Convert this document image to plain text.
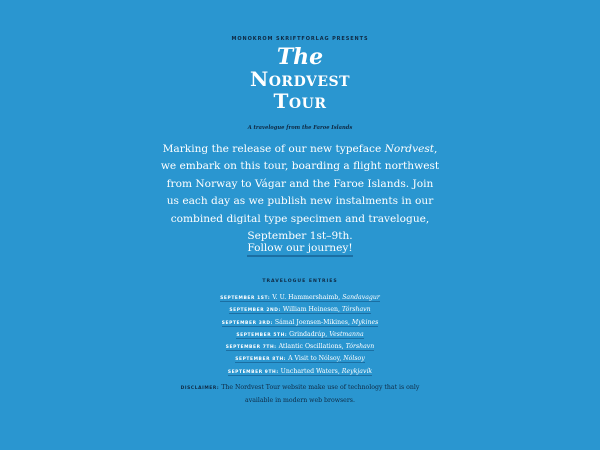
MONOKROM SKRIFTFORLAG PRESENTS
The
Nordvest
Tour
A travelogue from the Faroe Islands

Marking the release of our new typeface Nordvest, we embark on this tour, boarding a flight northwest from Norway to Vágar and the Faroe Islands. Join us each day as we publish new instalments in our combined digital type specimen and travelogue, September 1st–9th.

Follow our journey!
TRAVELOGUE ENTRIES
SEPTEMBER 1ST: V. U. Hammershaimb, Sandavagur
SEPTEMBER 2ND: William Heinesen, Tórshavn
SEPTEMBER 3RD: Sámal Joensen-Mikines, Mykines
SEPTEMBER 5TH: Grindadráp, Vestmanna
SEPTEMBER 7TH: Atlantic Oscillations, Tórshavn
SEPTEMBER 8TH: A Visit to Nólsoy, Nólsoy
SEPTEMBER 9TH: Uncharted Waters, Reykjavík

DISCLAIMER: The Nordvest Tour website make use of technology that is only available in modern web browsers.
